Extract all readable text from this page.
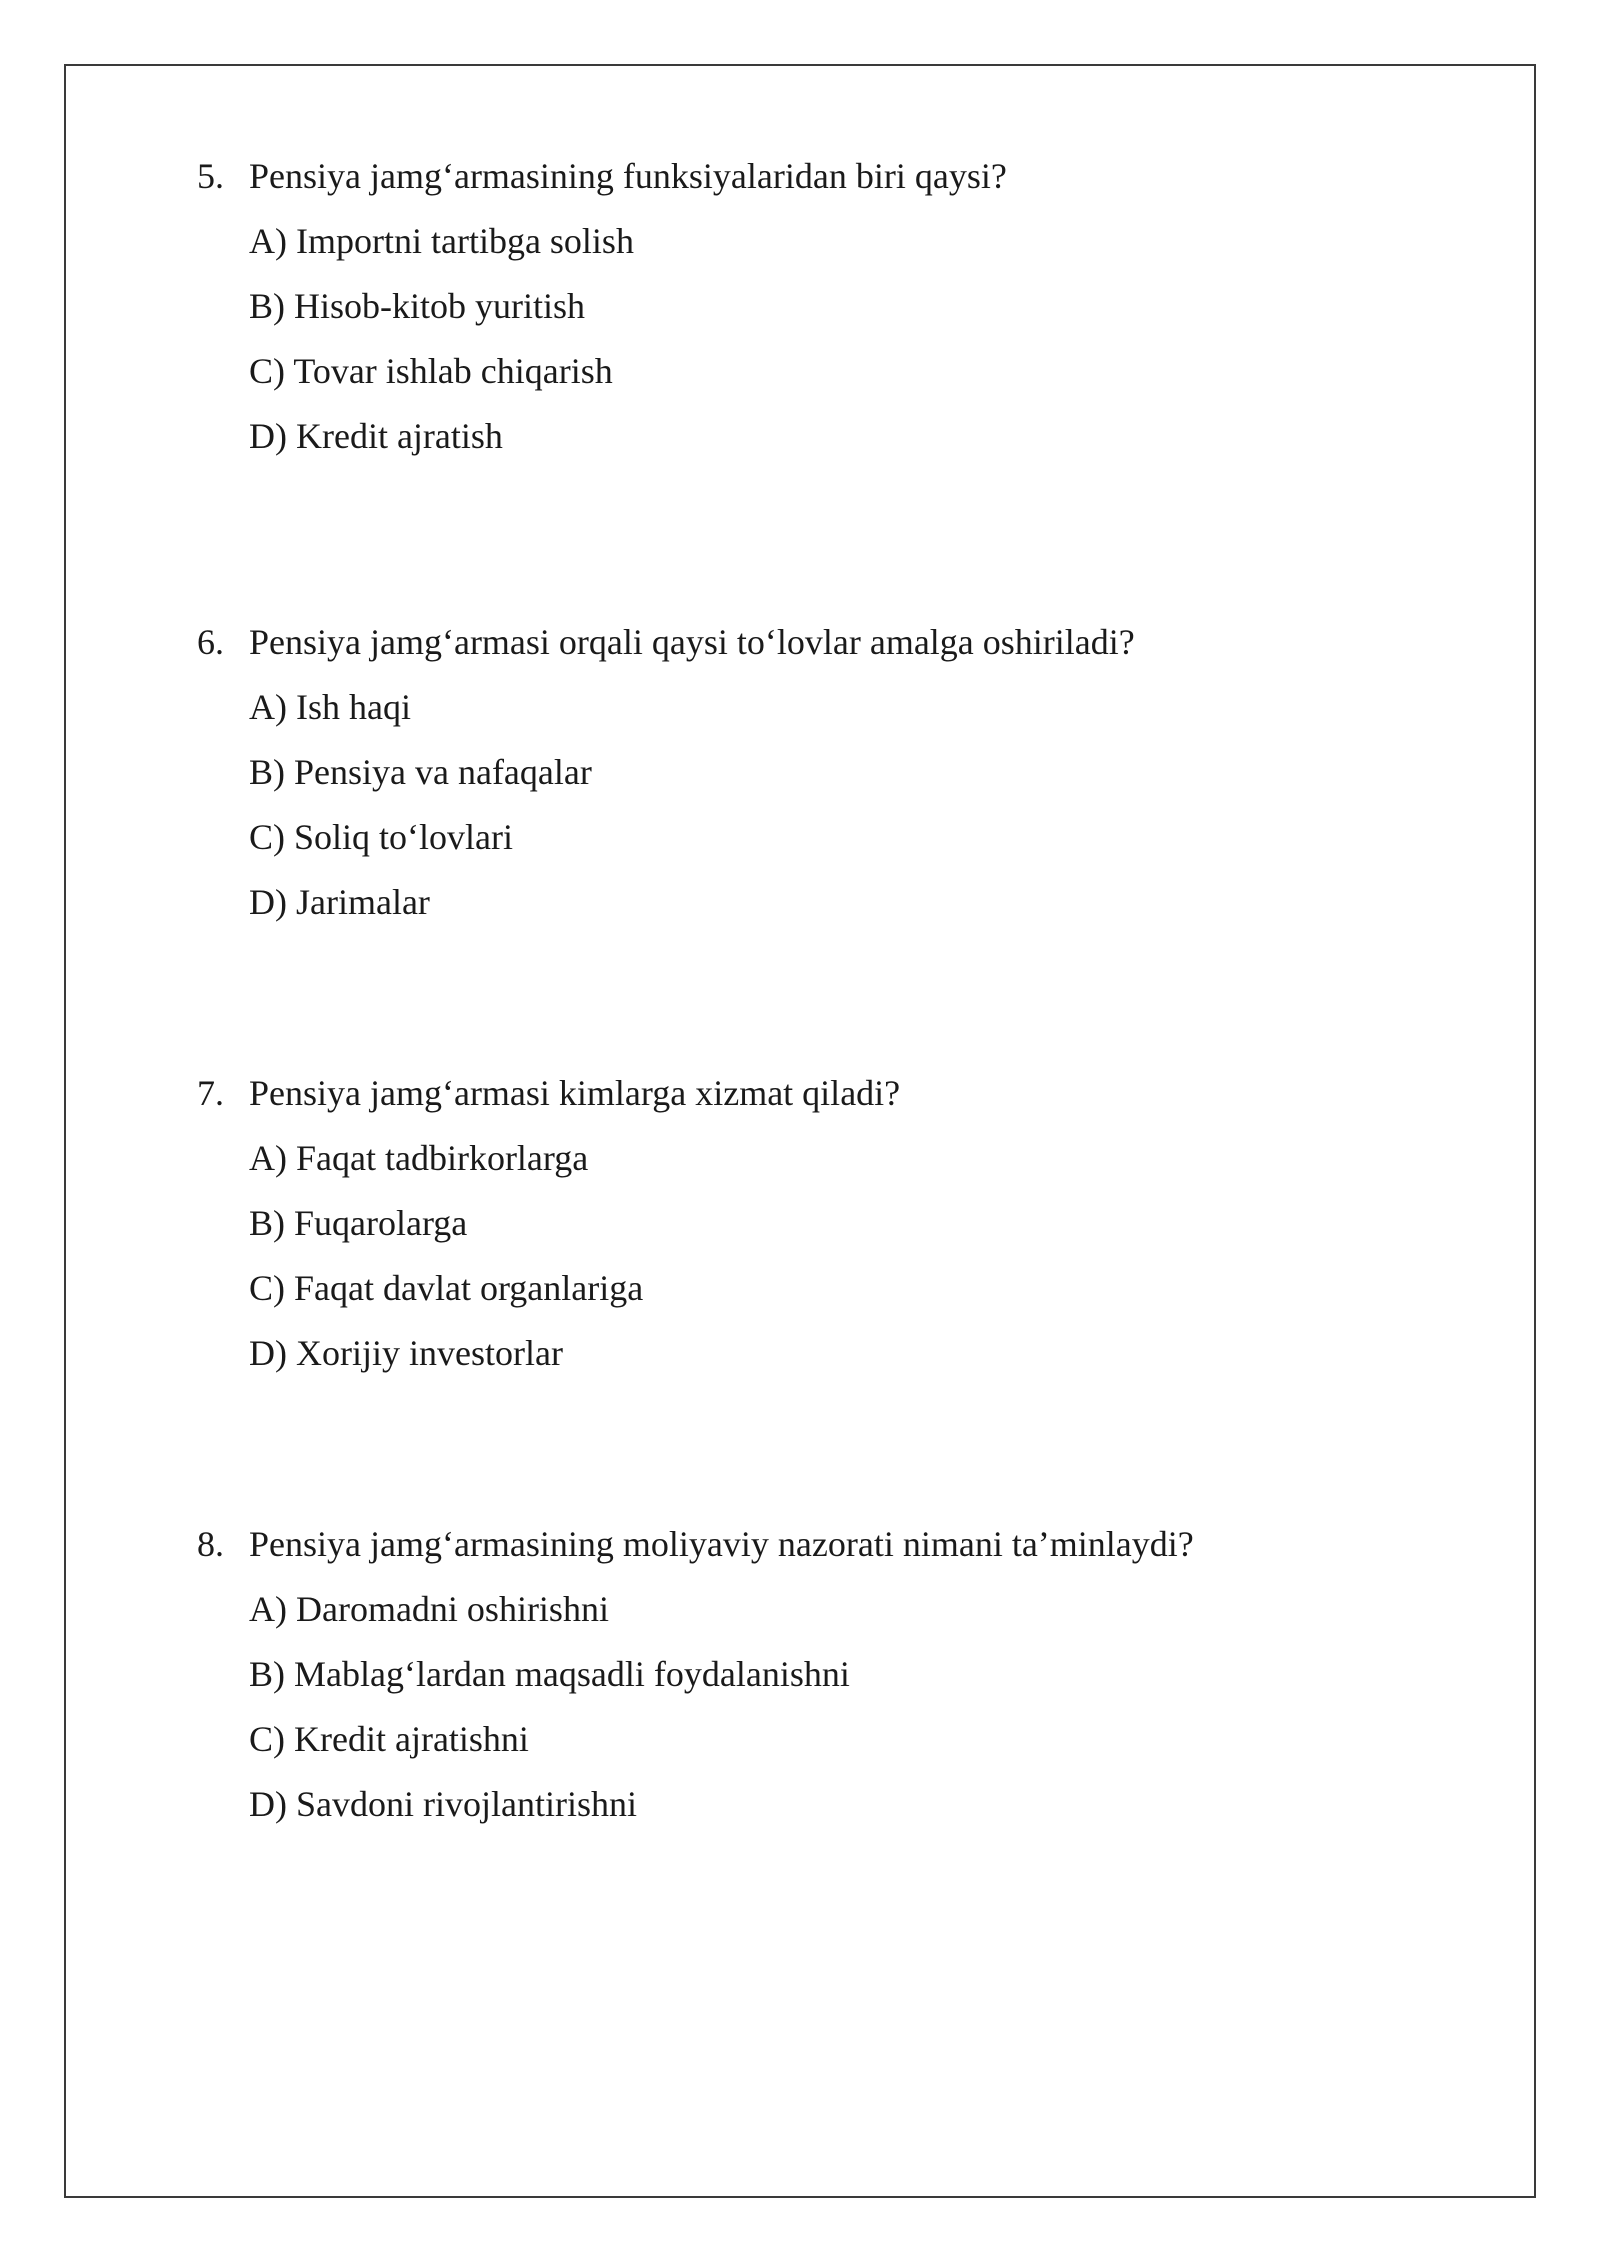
5. Pensiya jamg‘armasining funksiyalaridan biri qaysi?
A) Importni tartibga solish
B) Hisob-kitob yuritish
C) Tovar ishlab chiqarish
D) Kredit ajratish
6. Pensiya jamg‘armasi orqali qaysi to‘lovlar amalga oshiriladi?
A) Ish haqi
B) Pensiya va nafaqalar
C) Soliq to‘lovlari
D) Jarimalar
7. Pensiya jamg‘armasi kimlarga xizmat qiladi?
A) Faqat tadbirkorlarga
B) Fuqarolarga
C) Faqat davlat organlariga
D) Xorijiy investorlar
8. Pensiya jamg‘armasining moliyaviy nazorati nimani ta’minlaydi?
A) Daromadni oshirishni
B) Mablag‘lardan maqsadli foydalanishni
C) Kredit ajratishni
D) Savdoni rivojlantirishni
